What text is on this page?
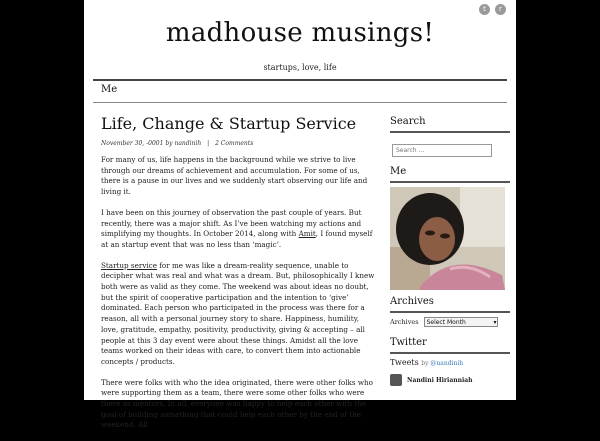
t	r
madhouse musings!
startups, love, life
Me
Life, Change & Startup Service
November 30, -0001 by nandinih | 2 Comments

For many of us, life happens in the background while we strive to live through our dreams of achievement and accumulation. For some of us, there is a pause in our lives and we suddenly start observing our life and living it.

I have been on this journey of observation the past couple of years. But recently, there was a major shift. As I’ve been watching my actions and simplifying my thoughts. In October 2014, along with Amit, I found myself at an startup event that was no less than ‘magic’.

Startup service for me was like a dream-reality sequence, unable to decipher what was real and what was a dream. But, philosophically I knew both were as valid as they come. The weekend was about ideas no doubt, but the spirit of cooperative participation and the intention to ‘give’ dominated. Each person who participated in the process was there for a reason, all with a personal journey story to share. Happiness, humility, love, gratitude, empathy, positivity, productivity, giving & accepting – all people at this 3 day event were about these things. Amidst all the love teams worked on their ideas with care, to convert them into actionable concepts / products.

There were folks with who the idea originated, there were other folks who were supporting them as a team, there were some other folks who were there as mentors. In all, everyone was happy to help each other with the goal of building something that could help each other by the end of the weekend. All

Search
Search ...
Me
Archives
Archives Select Month	▾
Twitter
Tweets by @nandinih
Nandini Hirianniah
